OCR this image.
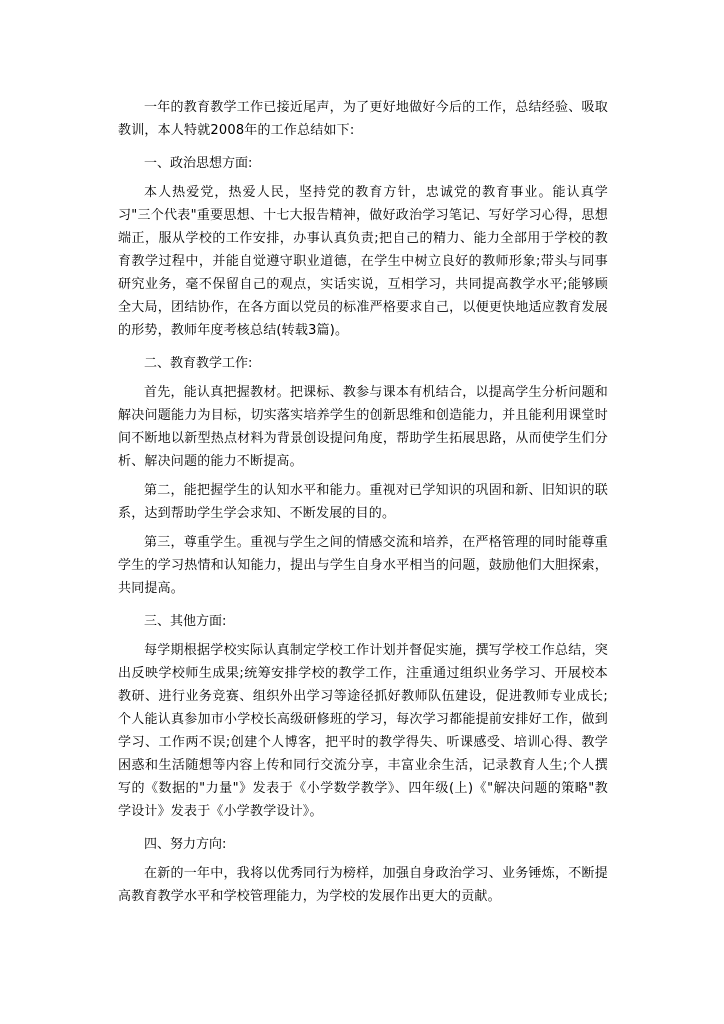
一年的教育教学工作已接近尾声，为了更好地做好今后的工作，总结经验、吸取教训，本人特就2008年的工作总结如下:

一、政治思想方面:

本人热爱党，热爱人民，坚持党的教育方针，忠诚党的教育事业。能认真学习"三个代表"重要思想、十七大报告精神，做好政治学习笔记、写好学习心得，思想端正，服从学校的工作安排，办事认真负责;把自己的精力、能力全部用于学校的教育教学过程中，并能自觉遵守职业道德，在学生中树立良好的教师形象;带头与同事研究业务，毫不保留自己的观点，实话实说，互相学习，共同提高教学水平;能够顾全大局，团结协作，在各方面以党员的标准严格要求自己，以便更快地适应教育发展的形势，教师年度考核总结(转载3篇)。

二、教育教学工作:

首先，能认真把握教材。把课标、教参与课本有机结合，以提高学生分析问题和解决问题能力为目标，切实落实培养学生的创新思维和创造能力，并且能利用课堂时间不断地以新型热点材料为背景创设提问角度，帮助学生拓展思路，从而使学生们分析、解决问题的能力不断提高。

第二，能把握学生的认知水平和能力。重视对已学知识的巩固和新、旧知识的联系，达到帮助学生学会求知、不断发展的目的。

第三，尊重学生。重视与学生之间的情感交流和培养，在严格管理的同时能尊重学生的学习热情和认知能力，提出与学生自身水平相当的问题，鼓励他们大胆探索，共同提高。

三、其他方面:

每学期根据学校实际认真制定学校工作计划并督促实施，撰写学校工作总结，突出反映学校师生成果;统筹安排学校的教学工作，注重通过组织业务学习、开展校本教研、进行业务竞赛、组织外出学习等途径抓好教师队伍建设，促进教师专业成长;个人能认真参加市小学校长高级研修班的学习，每次学习都能提前安排好工作，做到学习、工作两不误;创建个人博客，把平时的教学得失、听课感受、培训心得、教学困惑和生活随想等内容上传和同行交流分享，丰富业余生活，记录教育人生;个人撰写的《数据的"力量"》发表于《小学数学教学》、四年级(上)《"解决问题的策略"教学设计》发表于《小学教学设计》。

四、努力方向:

在新的一年中，我将以优秀同行为榜样，加强自身政治学习、业务锤炼，不断提高教育教学水平和学校管理能力，为学校的发展作出更大的贡献。
